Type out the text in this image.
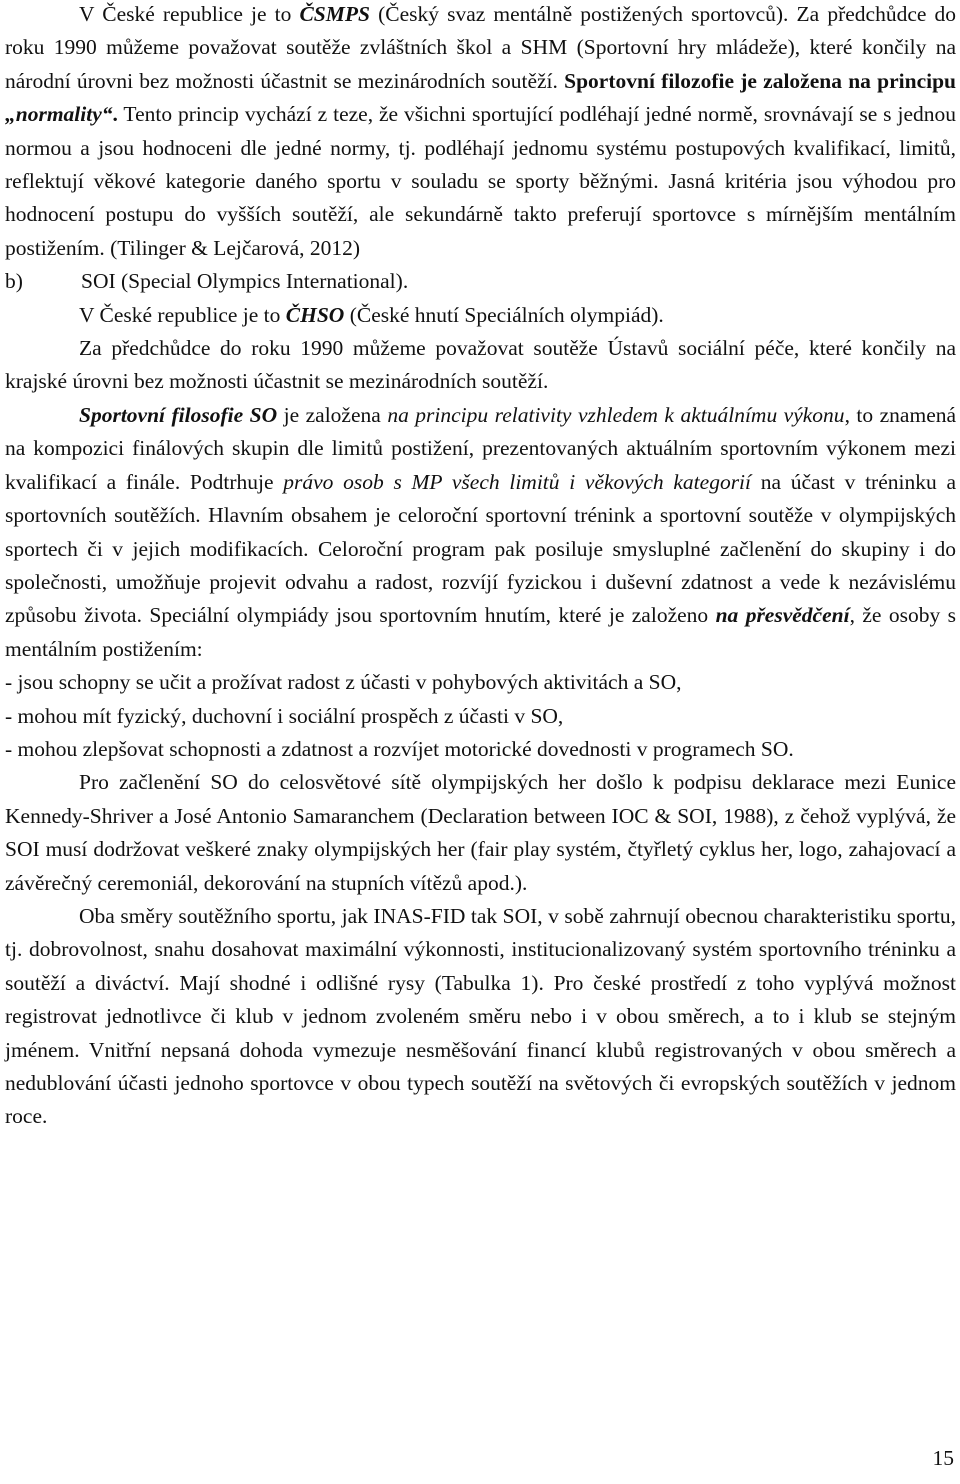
V České republice je to ČSMPS (Český svaz mentálně postižených sportovců). Za předchůdce do roku 1990 můžeme považovat soutěže zvláštních škol a SHM (Sportovní hry mládeže), které končily na národní úrovni bez možnosti účastnit se mezinárodních soutěží. Sportovní filozofie je založena na principu „normality“. Tento princip vychází z teze, že všichni sportující podléhají jedné normě, srovnávají se s jednou normou a jsou hodnoceni dle jedné normy, tj. podléhají jednomu systému postupových kvalifikací, limitů, reflektují věkové kategorie daného sportu v souladu se sporty běžnými. Jasná kritéria jsou výhodou pro hodnocení postupu do vyšších soutěží, ale sekundárně takto preferují sportovce s mírnějším mentálním postižením. (Tilinger & Lejčarová, 2012)

b)	SOI (Special Olympics International).

V České republice je to ČHSO (České hnutí Speciálních olympiád).

Za předchůdce do roku 1990 můžeme považovat soutěže Ústavů sociální péče, které končily na krajské úrovni bez možnosti účastnit se mezinárodních soutěží.

Sportovní filosofie SO je založena na principu relativity vzhledem k aktuálnímu výkonu, to znamená na kompozici finálových skupin dle limitů postižení, prezentovaných aktuálním sportovním výkonem mezi kvalifikací a finále. Podtrhuje právo osob s MP všech limitů i věkových kategorií na účast v tréninku a sportovních soutěžích. Hlavním obsahem je celoroční sportovní trénink a sportovní soutěže v olympijských sportech či v jejich modifikacích. Celoroční program pak posiluje smysluplné začlenění do skupiny i do společnosti, umožňuje projevit odvahu a radost, rozvíjí fyzickou i duševní zdatnost a vede k nezávislému způsobu života. Speciální olympiády jsou sportovním hnutím, které je založeno na přesvědčení, že osoby s mentálním postižením:

- jsou schopny se učit a prožívat radost z účasti v pohybových aktivitách a SO,

- mohou mít fyzický, duchovní i sociální prospěch z účasti v SO,

- mohou zlepšovat schopnosti a zdatnost a rozvíjet motorické dovednosti v programech SO.

Pro začlenění SO do celosvětové sítě olympijských her došlo k podpisu deklarace mezi Eunice Kennedy-Shriver a José Antonio Samaranchem (Declaration between IOC & SOI, 1988), z čehož vyplývá, že SOI musí dodržovat veškeré znaky olympijských her (fair play systém, čtyřletý cyklus her, logo, zahajovací a závěrečný ceremoniál, dekorování na stupních vítězů apod.).

Oba směry soutěžního sportu, jak INAS-FID tak SOI, v sobě zahrnují obecnou charakteristiku sportu, tj. dobrovolnost, snahu dosahovat maximální výkonnosti, institucionalizovaný systém sportovního tréninku a soutěží a diváctví. Mají shodné i odlišné rysy (Tabulka 1). Pro české prostředí z toho vyplývá možnost registrovat jednotlivce či klub v jednom zvoleném směru nebo i v obou směrech, a to i klub se stejným jménem. Vnitřní nepsaná dohoda vymezuje nesměšování financí klubů registrovaných v obou směrech a nedublování účasti jednoho sportovce v obou typech soutěží na světových či evropských soutěžích v jednom roce.

15
